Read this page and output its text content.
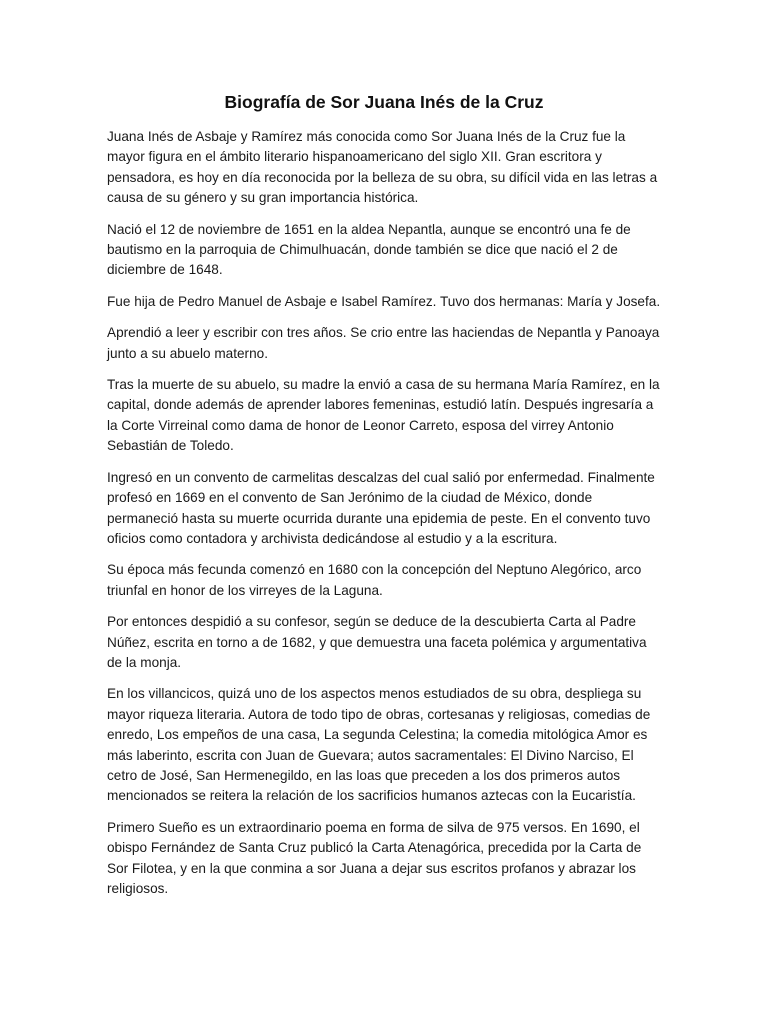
Biografía de Sor Juana Inés de la Cruz

Juana Inés de Asbaje y Ramírez más conocida como Sor Juana Inés de la Cruz fue la mayor figura en el ámbito literario hispanoamericano del siglo XII. Gran escritora y pensadora, es hoy en día reconocida por la belleza de su obra, su difícil vida en las letras a causa de su género y su gran importancia histórica.

Nació el 12 de noviembre de 1651 en la aldea Nepantla, aunque se encontró una fe de bautismo en la parroquia de Chimulhuacán, donde también se dice que nació el 2 de diciembre de 1648.

Fue hija de Pedro Manuel de Asbaje e Isabel Ramírez. Tuvo dos hermanas: María y Josefa.

Aprendió a leer y escribir con tres años. Se crio entre las haciendas de Nepantla y Panoaya junto a su abuelo materno.

Tras la muerte de su abuelo, su madre la envió a casa de su hermana María Ramírez, en la capital, donde además de aprender labores femeninas, estudió latín. Después ingresaría a la Corte Virreinal como dama de honor de Leonor Carreto, esposa del virrey Antonio Sebastián de Toledo.

Ingresó en un convento de carmelitas descalzas del cual salió por enfermedad. Finalmente profesó en 1669 en el convento de San Jerónimo de la ciudad de México, donde permaneció hasta su muerte ocurrida durante una epidemia de peste. En el convento tuvo oficios como contadora y archivista dedicándose al estudio y a la escritura.

Su época más fecunda comenzó en 1680 con la concepción del Neptuno Alegórico, arco triunfal en honor de los virreyes de la Laguna.

Por entonces despidió a su confesor, según se deduce de la descubierta Carta al Padre Núñez, escrita en torno a de 1682, y que demuestra una faceta polémica y argumentativa de la monja.

En los villancicos, quizá uno de los aspectos menos estudiados de su obra, despliega su mayor riqueza literaria. Autora de todo tipo de obras, cortesanas y religiosas, comedias de enredo, Los empeños de una casa, La segunda Celestina; la comedia mitológica Amor es más laberinto, escrita con Juan de Guevara; autos sacramentales: El Divino Narciso, El cetro de José, San Hermenegildo, en las loas que preceden a los dos primeros autos mencionados se reitera la relación de los sacrificios humanos aztecas con la Eucaristía.

Primero Sueño es un extraordinario poema en forma de silva de 975 versos. En 1690, el obispo Fernández de Santa Cruz publicó la Carta Atenagórica, precedida por la Carta de Sor Filotea, y en la que conmina a sor Juana a dejar sus escritos profanos y abrazar los religiosos.
